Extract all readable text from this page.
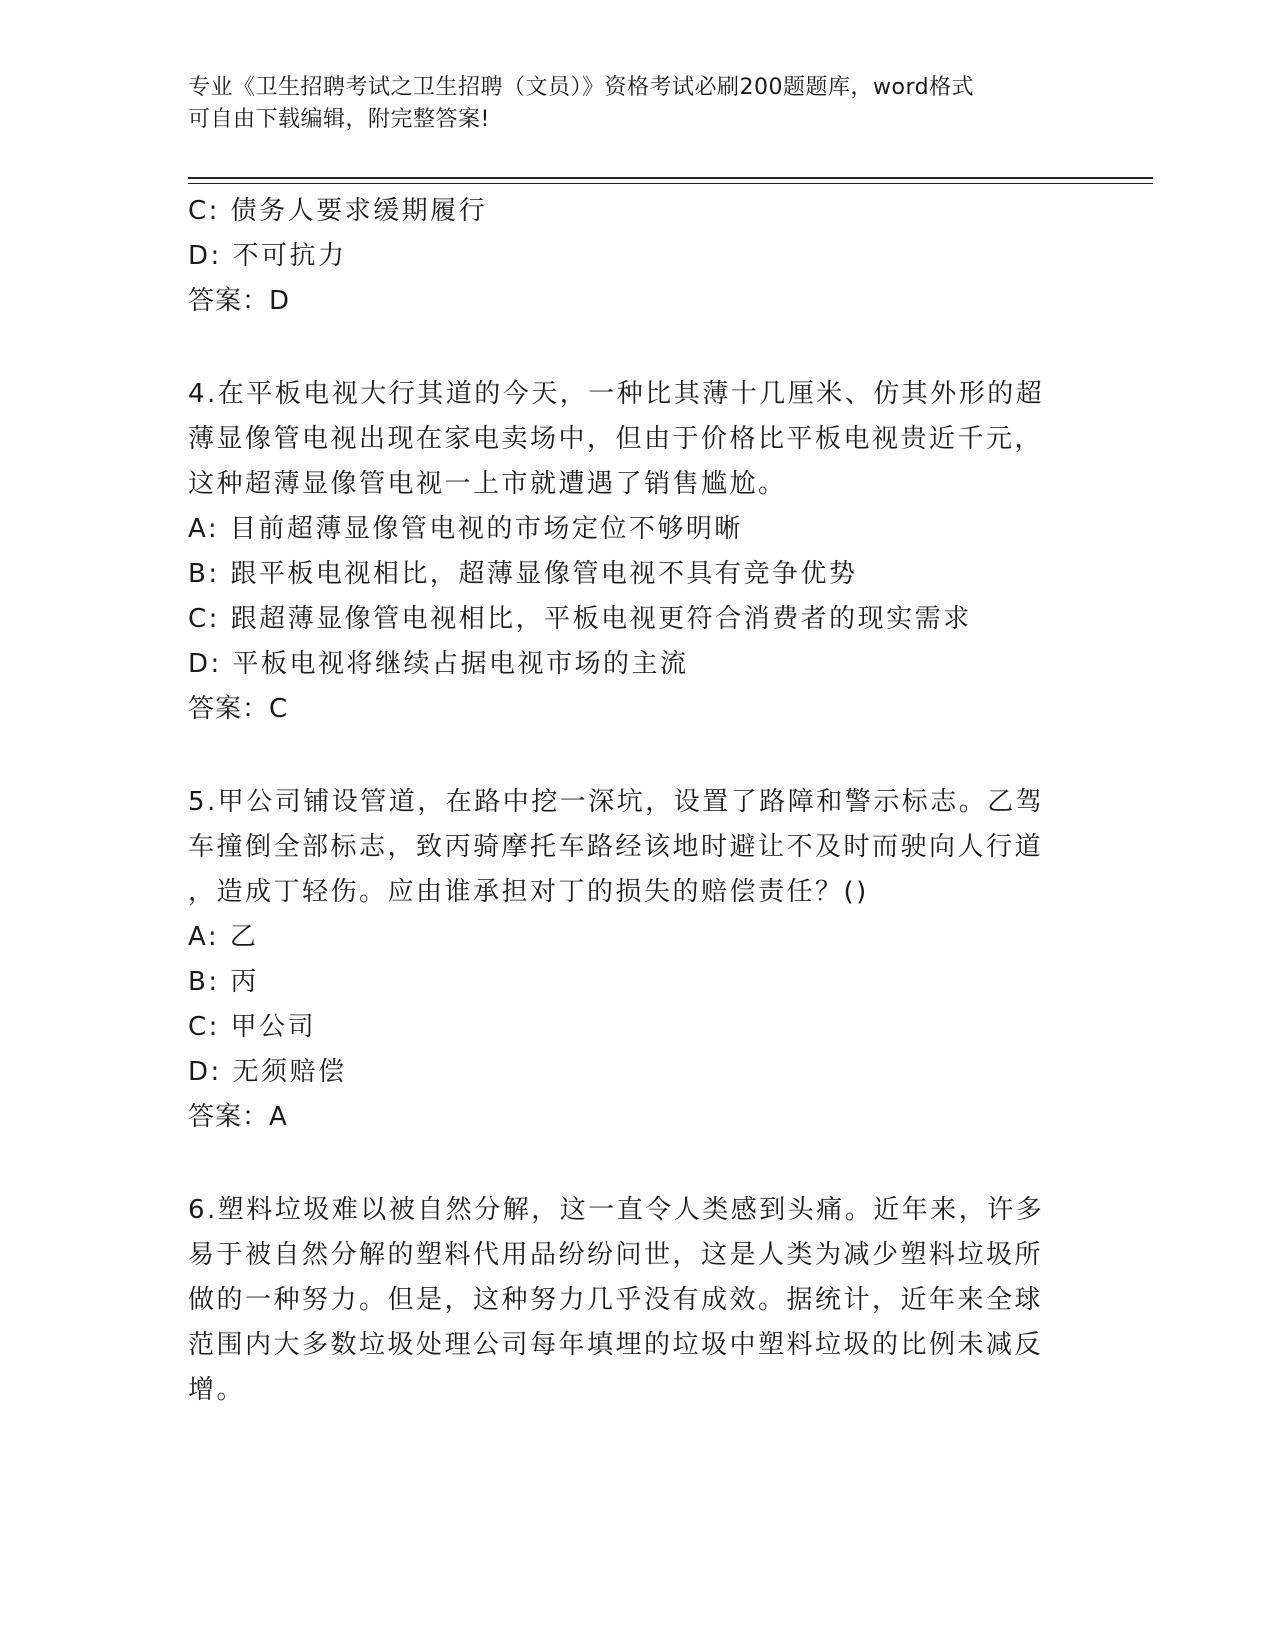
专业《卫生招聘考试之卫生招聘（文员）》资格考试必刷200题题库，word格式
可自由下载编辑，附完整答案!
C: 债务人要求缓期履行
D: 不可抗力
答案：D
4.在平板电视大行其道的今天，一种比其薄十几厘米、仿其外形的超
薄显像管电视出现在家电卖场中，但由于价格比平板电视贵近千元，
这种超薄显像管电视一上市就遭遇了销售尴尬。
A: 目前超薄显像管电视的市场定位不够明晰
B: 跟平板电视相比，超薄显像管电视不具有竞争优势
C: 跟超薄显像管电视相比，平板电视更符合消费者的现实需求
D: 平板电视将继续占据电视市场的主流
答案：C
5.甲公司铺设管道，在路中挖一深坑，设置了路障和警示标志。乙驾
车撞倒全部标志，致丙骑摩托车路经该地时避让不及时而驶向人行道
，造成丁轻伤。应由谁承担对丁的损失的赔偿责任？()
A: 乙
B: 丙
C: 甲公司
D: 无须赔偿
答案：A
6.塑料垃圾难以被自然分解，这一直令人类感到头痛。近年来，许多
易于被自然分解的塑料代用品纷纷问世，这是人类为减少塑料垃圾所
做的一种努力。但是，这种努力几乎没有成效。据统计，近年来全球
范围内大多数垃圾处理公司每年填埋的垃圾中塑料垃圾的比例未减反
增。
